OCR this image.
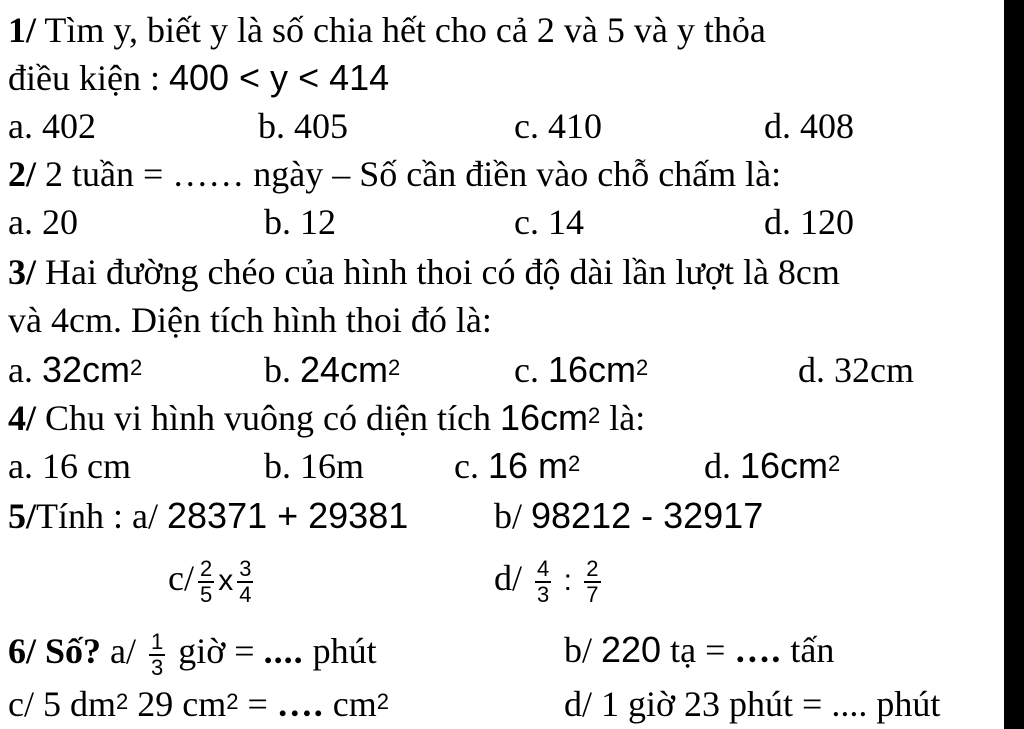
1/ Tìm y, biết y là số chia hết cho cả 2 và 5 và y thỏa
điều kiện : 400 < y < 414
a. 402	b. 405	c. 410	d. 408
2/ 2 tuần = …… ngày – Số cần điền vào chỗ chấm là:
a. 20	b. 12	c. 14	d. 120
3/ Hai đường chéo của hình thoi có độ dài lần lượt là 8cm
và 4cm. Diện tích hình thoi đó là:
a. $32cm^2$	b. $24cm^2$	c. $16cm^2$	d. 32cm
4/ Chu vi hình vuông có diện tích $16cm^2$ là:
a. 16 cm	b. 16m c. 16 $m^2$	d. $16cm^2$
5/Tính : a/ 28371 + 29381 b/ 98212 - 32917
$c/ \frac{2}{5}$ x $\frac{3}{4}$	$d/ \frac{4}{3}$ : $\frac{2}{7}$
6/ Số? $a/ \frac{1}{3}$ giờ = .... phút	b/ 220 tạ = …. tấn
c/ 5 $dm^2$ 29 $cm^2$ = …. $cm^2$	d/ 1 giờ 23 phút = .... phút
